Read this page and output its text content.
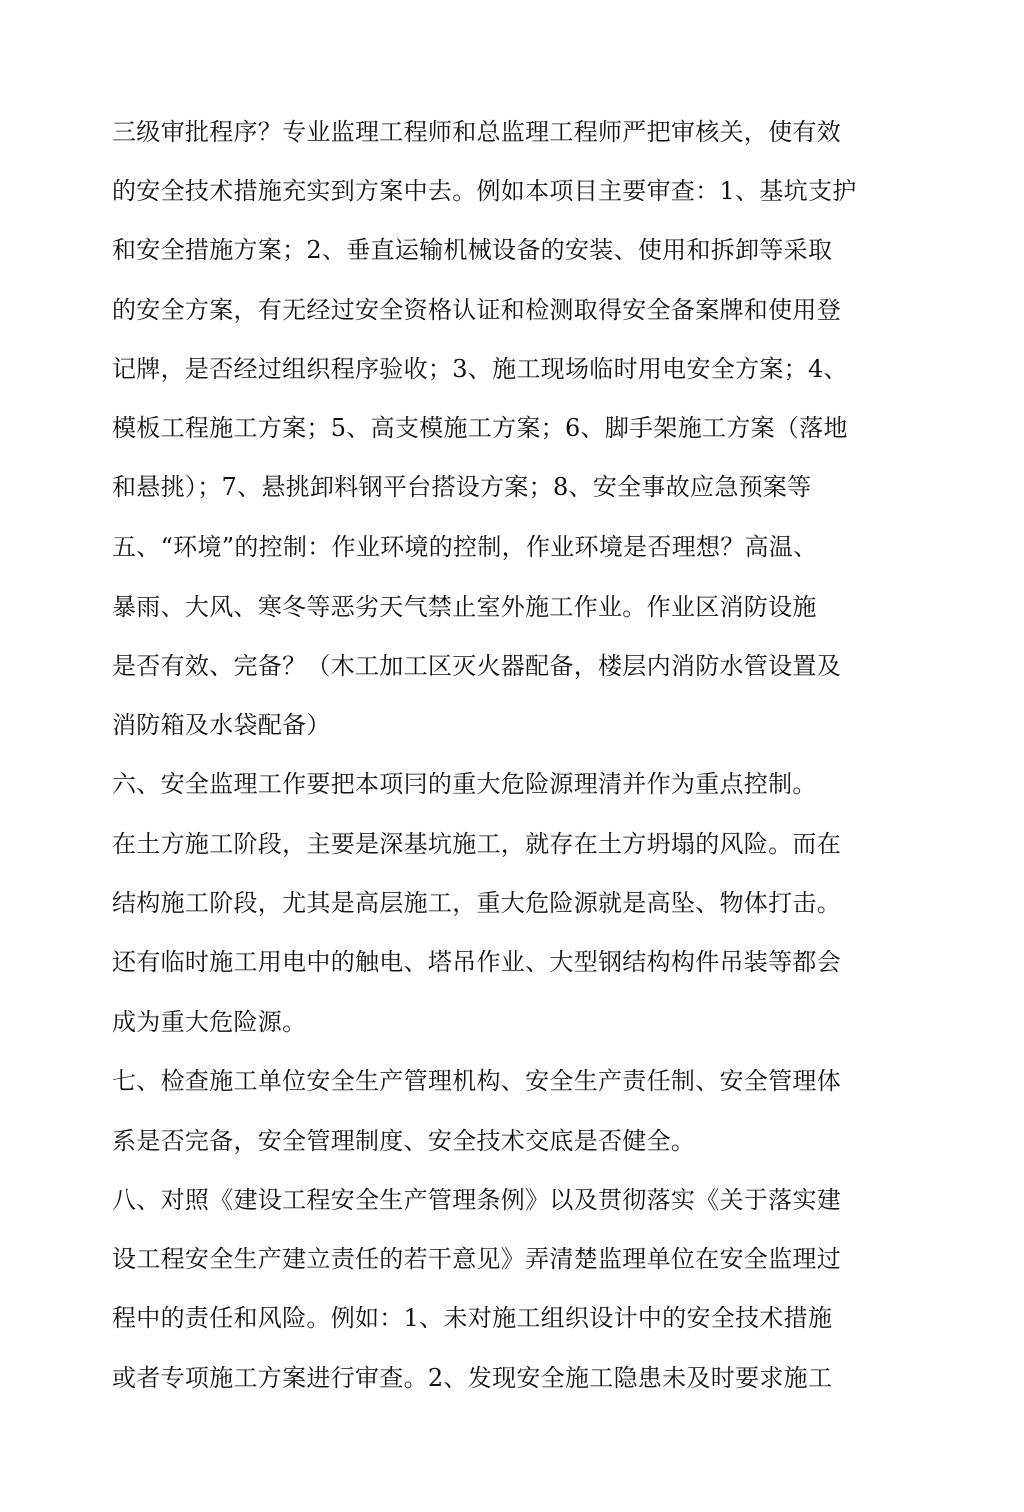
三级审批程序？专业监理工程师和总监理工程师严把审核关，使有效
的安全技术措施充实到方案中去。例如本项目主要审查：1、基坑支护
和安全措施方案；2、垂直运输机械设备的安装、使用和拆卸等采取
的安全方案，有无经过安全资格认证和检测取得安全备案牌和使用登
记牌，是否经过组织程序验收；3、施工现场临时用电安全方案；4、
模板工程施工方案；5、高支模施工方案；6、脚手架施工方案（落地
和悬挑）；7、悬挑卸料钢平台搭设方案；8、安全事故应急预案等
五、“环境”的控制：作业环境的控制，作业环境是否理想？高温、
暴雨、大风、寒冬等恶劣天气禁止室外施工作业。作业区消防设施
是否有效、完备？（木工加工区灭火器配备，楼层内消防水管设置及
消防箱及水袋配备）
六、安全监理工作要把本项冃的重大危险源理清并作为重点控制。
在土方施工阶段，主要是深基坑施工，就存在土方坍塌的风险。而在
结构施工阶段，尤其是高层施工，重大危险源就是高坠、物体打击。
还有临时施工用电中的触电、塔吊作业、大型钢结构构件吊装等都会
成为重大危险源。
七、检查施工单位安全生产管理机构、安全生产责任制、安全管理体
系是否完备，安全管理制度、安全技术交底是否健全。
八、对照《建设工程安全生产管理条例》以及贯彻落实《关于落实建
设工程安全生产建立责任的若干意见》弄清楚监理单位在安全监理过
程中的责任和风险。例如：1、未对施工组织设计中的安全技术措施
或者专项施工方案进行审查。2、发现安全施工隐患未及时要求施工
